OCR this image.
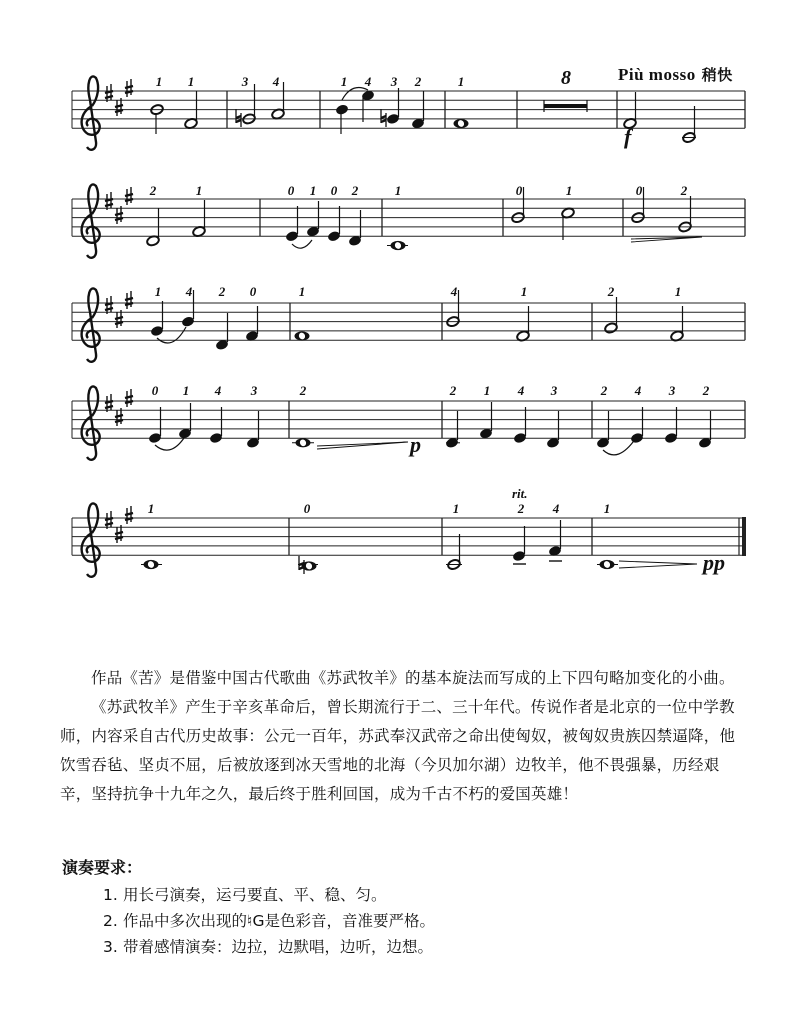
Più mosso 稍快
8
1 1	3 4	1 4 3 2	1
f
2	1	0 1 0 2	1	0	1	0	2
1 4 2 0	1	4	1	2	1
0 1 4 3	2
p
2 1 4 3	2 4 3 2
1	0	1
rit.
2 4	1
pp

作品《苦》是借鉴中国古代歌曲《苏武牧羊》的基本旋法而写成的上下四句略加变化的小曲。

《苏武牧羊》产生于辛亥革命后，曾长期流行于二、三十年代。传说作者是北京的一位中学教师，内容采自古代历史故事：公元一百年，苏武奉汉武帝之命出使匈奴，被匈奴贵族囚禁逼降，他饮雪吞毡、坚贞不屈，后被放逐到冰天雪地的北海（今贝加尔湖）边牧羊，他不畏强暴，历经艰辛，坚持抗争十九年之久，最后终于胜利回国，成为千古不朽的爱国英雄！

演奏要求：
1. 用长弓演奏，运弓要直、平、稳、匀。
2. 作品中多次出现的♮G是色彩音，音准要严格。
3. 带着感情演奏：边拉，边默唱，边听，边想。
